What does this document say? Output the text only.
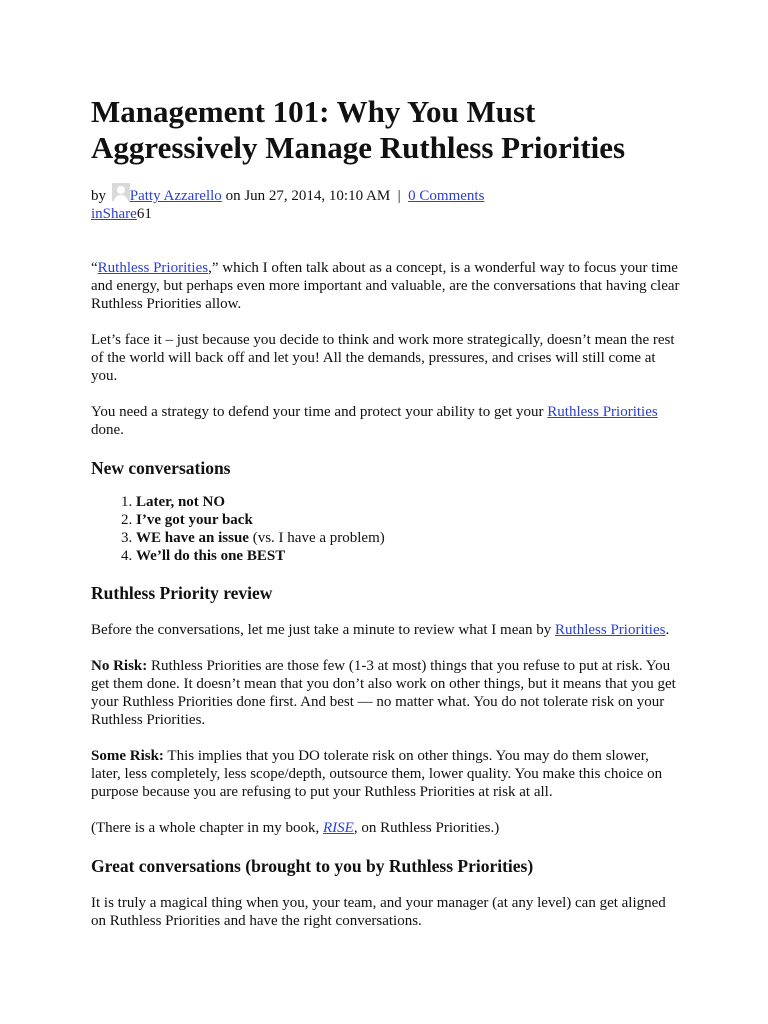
Management 101: Why You Must
Aggressively Manage Ruthless Priorities
by Patty Azzarello on Jun 27, 2014, 10:10 AM  | 0 Comments
inShare61

“Ruthless Priorities,” which I often talk about as a concept, is a wonderful way to focus your time and energy, but perhaps even more important and valuable, are the conversations that having clear Ruthless Priorities allow.

Let’s face it – just because you decide to think and work more strategically, doesn’t mean the rest of the world will back off and let you! All the demands, pressures, and crises will still come at you.

You need a strategy to defend your time and protect your ability to get your Ruthless Priorities done.

New conversations
1. Later, not NO
2. I’ve got your back
3. WE have an issue (vs. I have a problem)
4. We’ll do this one BEST
Ruthless Priority review

Before the conversations, let me just take a minute to review what I mean by Ruthless Priorities.

No Risk: Ruthless Priorities are those few (1-3 at most) things that you refuse to put at risk. You get them done. It doesn’t mean that you don’t also work on other things, but it means that you get your Ruthless Priorities done first. And best — no matter what. You do not tolerate risk on your Ruthless Priorities.

Some Risk: This implies that you DO tolerate risk on other things. You may do them slower, later, less completely, less scope/depth, outsource them, lower quality. You make this choice on purpose because you are refusing to put your Ruthless Priorities at risk at all.

(There is a whole chapter in my book, RISE, on Ruthless Priorities.)

Great conversations (brought to you by Ruthless Priorities)

It is truly a magical thing when you, your team, and your manager (at any level) can get aligned on Ruthless Priorities and have the right conversations.
